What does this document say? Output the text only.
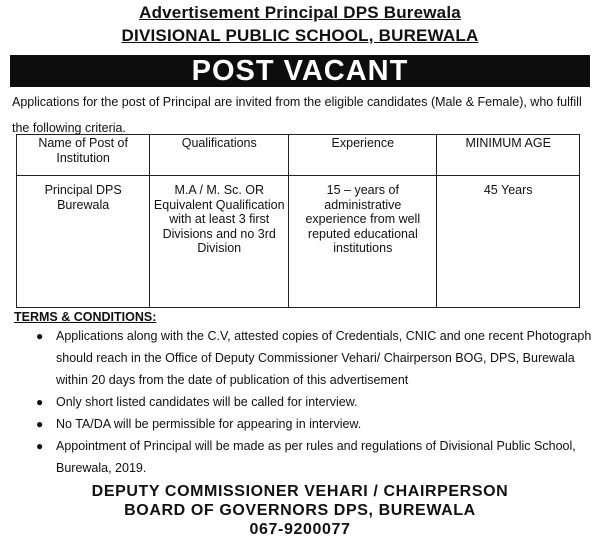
Advertisement Principal DPS Burewala
DIVISIONAL PUBLIC SCHOOL, BUREWALA
POST VACANT
Applications for the post of Principal are invited from the eligible candidates (Male & Female), who fulfill the following criteria.
Name of Post of Institution	Qualifications	Experience	MINIMUM AGE
Principal DPS Burewala	M.A / M. Sc. OR Equivalent Qualification with at least 3 first Divisions and no 3rd Division	15 – years of administrative experience from well reputed educational institutions	45 Years
TERMS & CONDITIONS:
● Applications along with the C.V, attested copies of Credentials, CNIC and one recent Photograph should reach in the Office of Deputy Commissioner Vehari/ Chairperson BOG, DPS, Burewala within 20 days from the date of publication of this advertisement
● Only short listed candidates will be called for interview.
● No TA/DA will be permissible for appearing in interview.
● Appointment of Principal will be made as per rules and regulations of Divisional Public School, Burewala, 2019.
DEPUTY COMMISSIONER VEHARI / CHAIRPERSON
BOARD OF GOVERNORS DPS, BUREWALA
067-9200077
